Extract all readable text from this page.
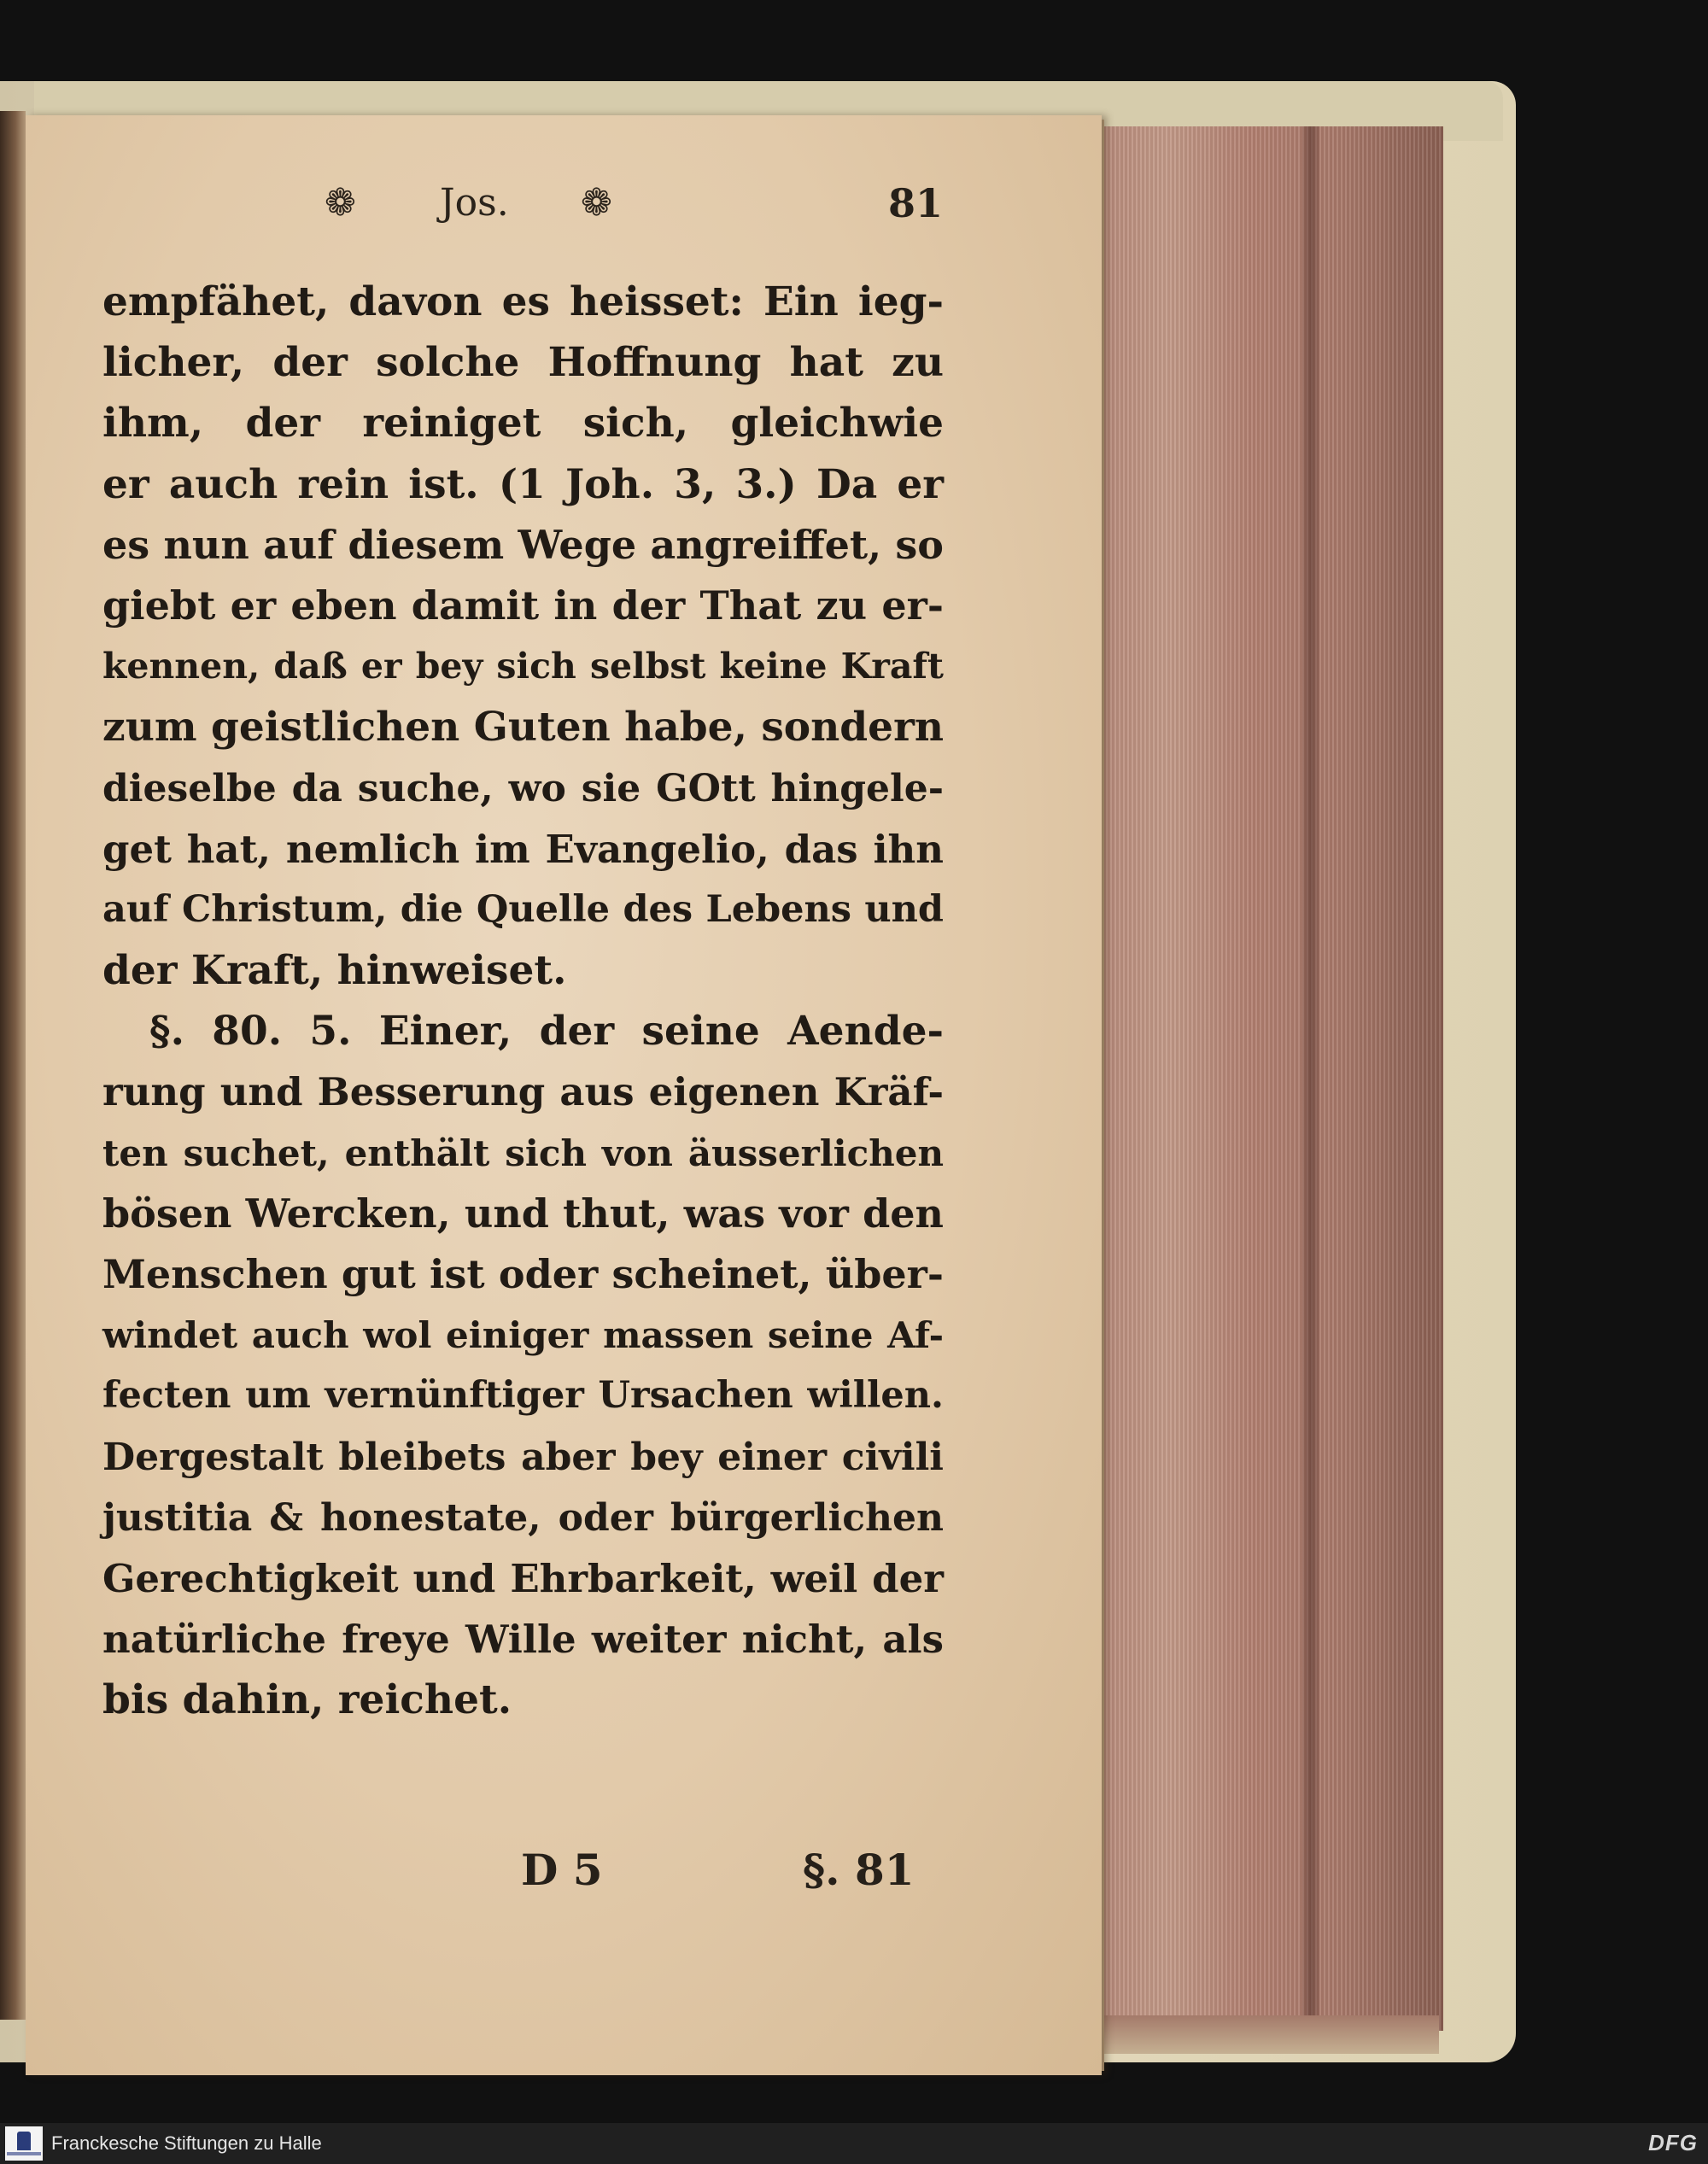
❁ Jos. ❁	81
empfähet, davon es heisset: Ein ieg-
licher, der solche Hoffnung hat zu
ihm, der reiniget sich, gleichwie
er auch rein ist. (1 Joh. 3, 3.) Da er
es nun auf diesem Wege angreiffet, so
giebt er eben damit in der That zu er-
kennen, daß er bey sich selbst keine Kraft
zum geistlichen Guten habe, sondern
dieselbe da suche, wo sie GOtt hingele-
get hat, nemlich im Evangelio, das ihn
auf Christum, die Quelle des Lebens und
der Kraft, hinweiset.
§. 80. 5. Einer, der seine Aende-
rung und Besserung aus eigenen Kräf-
ten suchet, enthält sich von äusserlichen
bösen Wercken, und thut, was vor den
Menschen gut ist oder scheinet, über-
windet auch wol einiger massen seine Af-
fecten um vernünftiger Ursachen willen.
Dergestalt bleibets aber bey einer civili
justitia & honestate, oder bürgerlichen
Gerechtigkeit und Ehrbarkeit, weil der
natürliche freye Wille weiter nicht, als
bis dahin, reichet.
D 5	§. 81
Franckesche Stiftungen zu Halle	DFG
